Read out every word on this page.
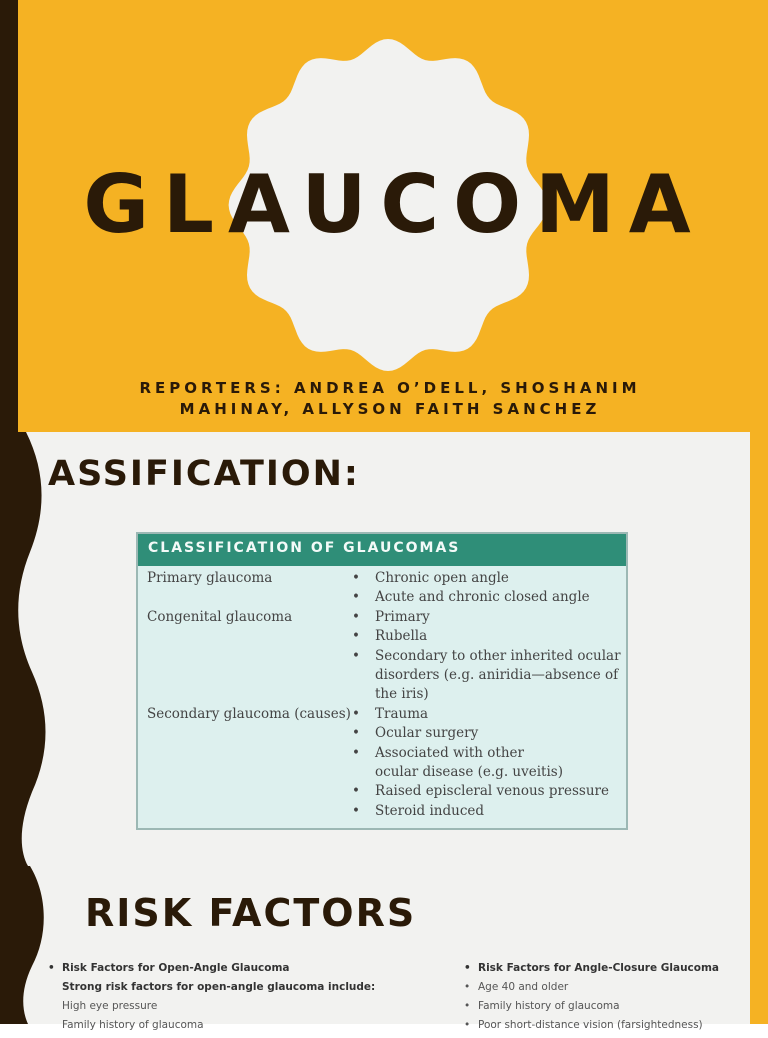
GLAUCOMA
REPORTERS: ANDREA O’DELL, SHOSHANIM
MAHINAY, ALLYSON FAITH SANCHEZ
ASSIFICATION:
CLASSIFICATION OF GLAUCOMAS
Primary glaucoma	• Chronic open angle
• Acute and chronic closed angle
Congenital glaucoma	• Primary
• Rubella
• Secondary to other inherited ocular
disorders (e.g. aniridia—absence of
the iris)
Secondary glaucoma (causes) • Trauma
• Ocular surgery
• Associated with other
ocular disease (e.g. uveitis)
• Raised episcleral venous pressure
• Steroid induced
RISK FACTORS
• Risk Factors for Open-Angle Glaucoma
Strong risk factors for open-angle glaucoma include:
High eye pressure
Family history of glaucoma
• Risk Factors for Angle-Closure Glaucoma
• Age 40 and older
• Family history of glaucoma
• Poor short-distance vision (farsightedness)
